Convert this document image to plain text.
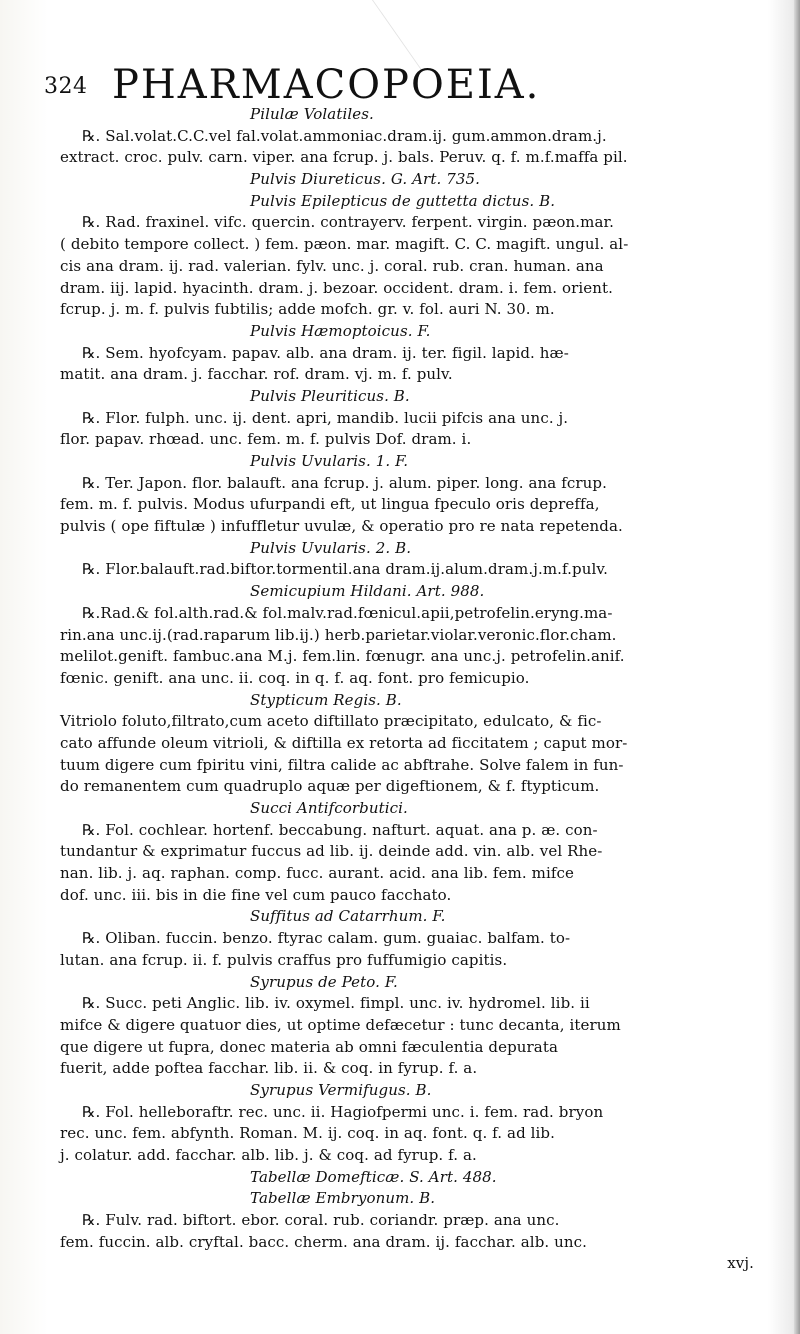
324 PHARMACOPOEIA.
Pilulæ Volatiles.
℞. Sal.volat.C.C.vel fal.volat.ammoniac.dram.ij. gum.ammon.dram.j.
extract. croc. pulv. carn. viper. ana fcrup. j. bals. Peruv. q. f. m.f.maffa pil.
Pulvis Diureticus. G. Art. 735.
Pulvis Epilepticus de guttetta dictus. B.
℞. Rad. fraxinel. vifc. quercin. contrayerv. ferpent. virgin. pæon.mar.
( debito tempore collect. ) fem. pæon. mar. magift. C. C. magift. ungul. al-
cis ana dram. ij. rad. valerian. fylv. unc. j. coral. rub. cran. human. ana
dram. iij. lapid. hyacinth. dram. j. bezoar. occident. dram. i. fem. orient.
fcrup. j. m. f. pulvis fubtilis; adde mofch. gr. v. fol. auri N. 30. m.
Pulvis Hæmoptoicus. F.
℞. Sem. hyofcyam. papav. alb. ana dram. ij. ter. figil. lapid. hæ-
matit. ana dram. j. facchar. rof. dram. vj. m. f. pulv.
Pulvis Pleuriticus. B.
℞. Flor. fulph. unc. ij. dent. apri, mandib. lucii pifcis ana unc. j.
flor. papav. rhœad. unc. fem. m. f. pulvis Dof. dram. i.
Pulvis Uvularis. 1. F.
℞. Ter. Japon. flor. balauft. ana fcrup. j. alum. piper. long. ana fcrup.
fem. m. f. pulvis. Modus ufurpandi eft, ut lingua fpeculo oris depreffa,
pulvis ( ope fiftulæ ) infuffletur uvulæ, & operatio pro re nata repetenda.
Pulvis Uvularis. 2. B.
℞. Flor.balauft.rad.biftor.tormentil.ana dram.ij.alum.dram.j.m.f.pulv.
Semicupium Hildani. Art. 988.
℞.Rad.& fol.alth.rad.& fol.malv.rad.fœnicul.apii,petrofelin.eryng.ma-
rin.ana unc.ij.(rad.raparum lib.ij.) herb.parietar.violar.veronic.flor.cham.
melilot.genift. fambuc.ana M.j. fem.lin. fœnugr. ana unc.j. petrofelin.anif.
fœnic. genift. ana unc. ii. coq. in q. f. aq. font. pro femicupio.
Stypticum Regis. B.
Vitriolo foluto,filtrato,cum aceto diftillato præcipitato, edulcato, & fic-
cato affunde oleum vitrioli, & diftilla ex retorta ad ficcitatem ; caput mor-
tuum digere cum fpiritu vini, filtra calide ac abftrahe. Solve falem in fun-
do remanentem cum quadruplo aquæ per digeftionem, & f. ftypticum.
Succi Antifcorbutici.
℞. Fol. cochlear. hortenf. beccabung. nafturt. aquat. ana p. æ. con-
tundantur & exprimatur fuccus ad lib. ij. deinde add. vin. alb. vel Rhe-
nan. lib. j. aq. raphan. comp. fucc. aurant. acid. ana lib. fem. mifce
dof. unc. iii. bis in die fine vel cum pauco facchato.
Suffitus ad Catarrhum. F.
℞. Oliban. fuccin. benzo. ftyrac calam. gum. guaiac. balfam. to-
lutan. ana fcrup. ii. f. pulvis craffus pro fuffumigio capitis.
Syrupus de Peto. F.
℞. Succ. peti Anglic. lib. iv. oxymel. fimpl. unc. iv. hydromel. lib. ii
mifce & digere quatuor dies, ut optime defæcetur : tunc decanta, iterum
que digere ut fupra, donec materia ab omni fæculentia depurata
fuerit, adde poftea facchar. lib. ii. & coq. in fyrup. f. a.
Syrupus Vermifugus. B.
℞. Fol. helleboraftr. rec. unc. ii. Hagiofpermi unc. i. fem. rad. bryon
rec. unc. fem. abfynth. Roman. M. ij. coq. in aq. font. q. f. ad lib.
j. colatur. add. facchar. alb. lib. j. & coq. ad fyrup. f. a.
Tabellæ Domefticæ. S. Art. 488.
Tabellæ Embryonum. B.
℞. Fulv. rad. biftort. ebor. coral. rub. coriandr. præp. ana unc.
fem. fuccin. alb. cryftal. bacc. cherm. ana dram. ij. facchar. alb. unc.
xvj.
